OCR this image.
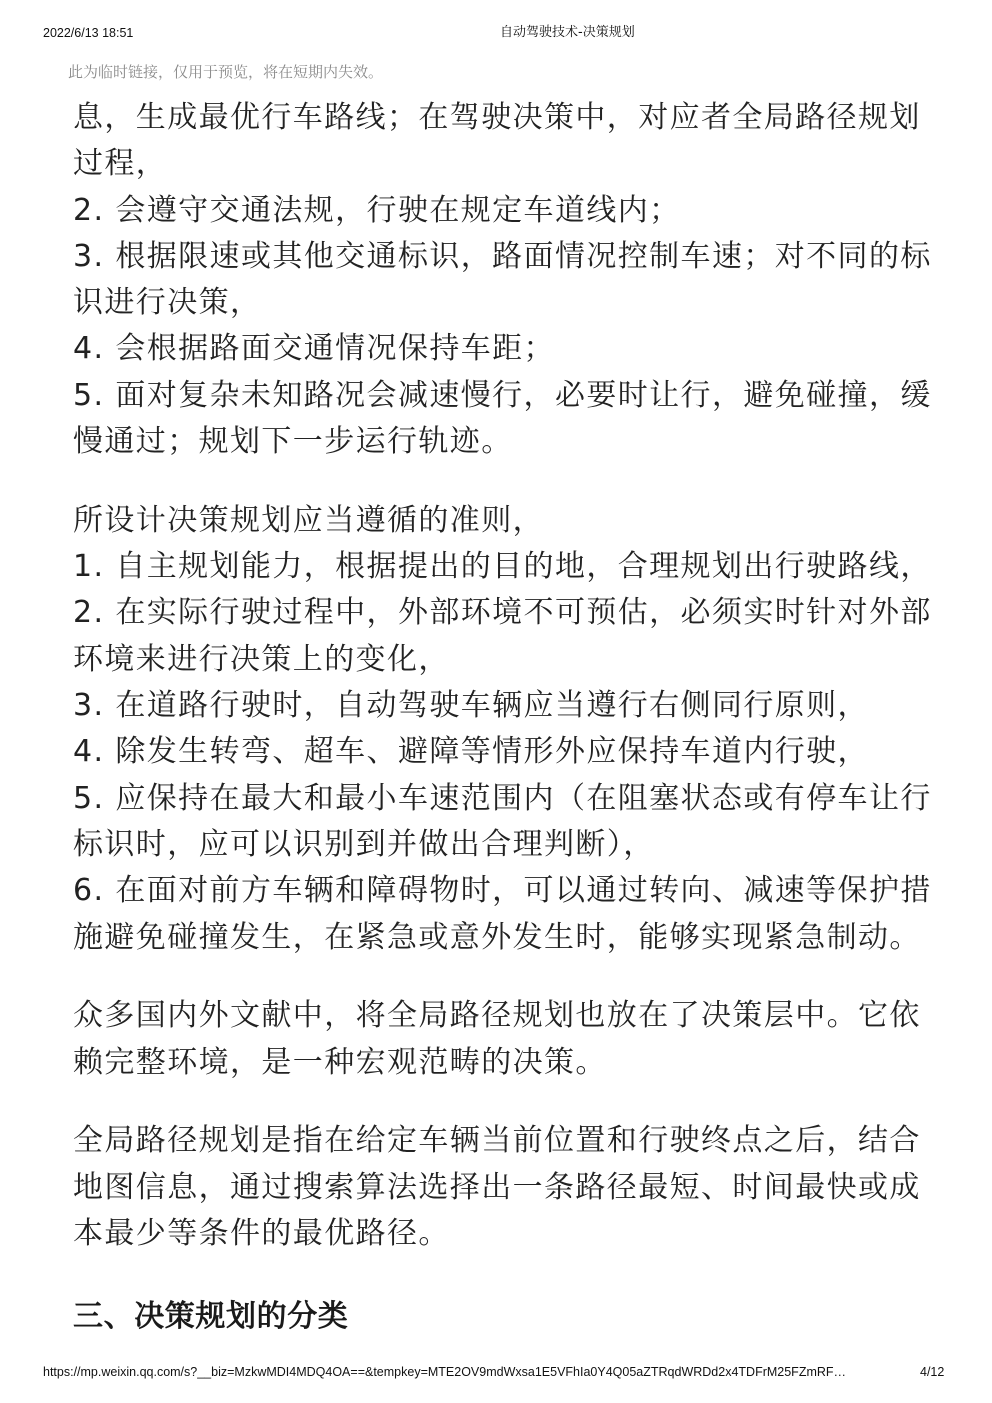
2022/6/13 18:51	自动驾驶技术-决策规划
此为临时链接，仅用于预览，将在短期内失效。
息，生成最优行车路线；在驾驶决策中，对应者全局路径规划
过程，
2. 会遵守交通法规，行驶在规定车道线内；
3. 根据限速或其他交通标识，路面情况控制车速；对不同的标
识进行决策，
4. 会根据路面交通情况保持车距；
5. 面对复杂未知路况会减速慢行，必要时让行，避免碰撞，缓
慢通过；规划下一步运行轨迹。
所设计决策规划应当遵循的准则，
1. 自主规划能力，根据提出的目的地，合理规划出行驶路线，
2. 在实际行驶过程中，外部环境不可预估，必须实时针对外部
环境来进行决策上的变化，
3. 在道路行驶时，自动驾驶车辆应当遵行右侧同行原则，
4. 除发生转弯、超车、避障等情形外应保持车道内行驶，
5. 应保持在最大和最小车速范围内（在阻塞状态或有停车让行
标识时，应可以识别到并做出合理判断），
6. 在面对前方车辆和障碍物时，可以通过转向、减速等保护措
施避免碰撞发生，在紧急或意外发生时，能够实现紧急制动。
众多国内外文献中，将全局路径规划也放在了决策层中。它依
赖完整环境，是一种宏观范畴的决策。
全局路径规划是指在给定车辆当前位置和行驶终点之后，结合
地图信息，通过搜索算法选择出一条路径最短、时间最快或成
本最少等条件的最优路径。
三、决策规划的分类
https://mp.weixin.qq.com/s?__biz=MzkwMDI4MDQ4OA==&tempkey=MTE2OV9mdWxsa1E5VFhIa0Y4Q05aZTRqdWRDd2x4TDFrM25FZmRF…	4/12
